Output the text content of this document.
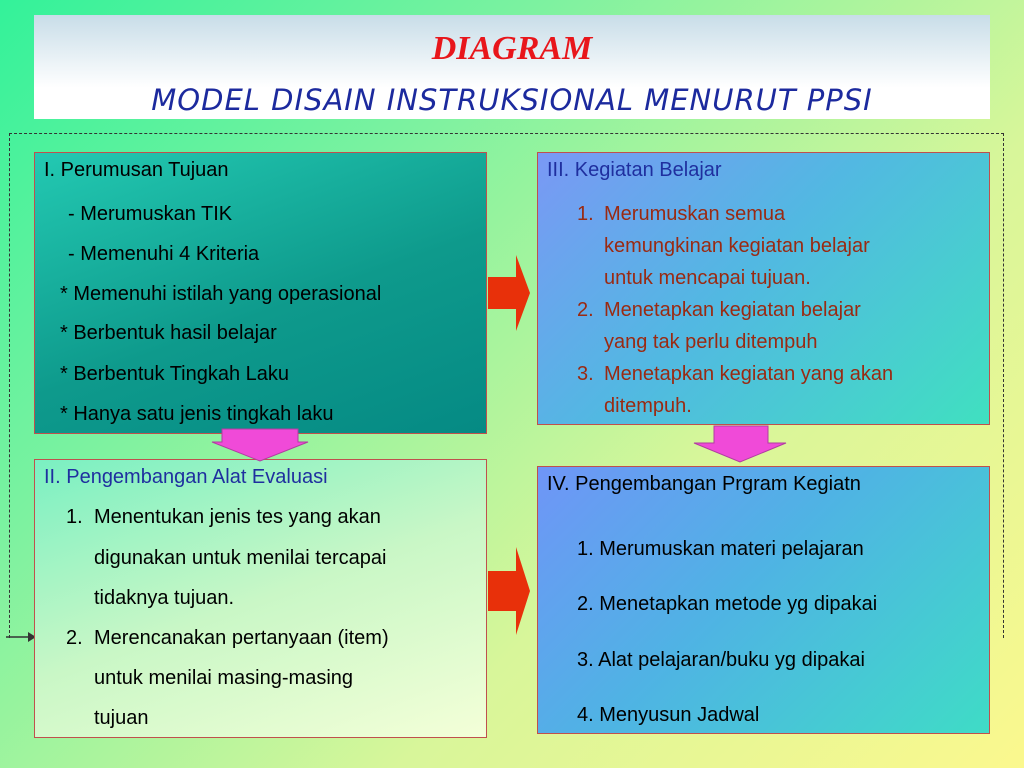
DIAGRAM
MODEL DISAIN INSTRUKSIONAL MENURUT PPSI
I. Perumusan Tujuan
- Merumuskan TIK
- Memenuhi 4 Kriteria
* Memenuhi istilah yang operasional
* Berbentuk hasil belajar
* Berbentuk Tingkah Laku
* Hanya satu jenis tingkah laku
II. Pengembangan Alat Evaluasi
1. Menentukan jenis tes yang akan
digunakan untuk menilai tercapai
tidaknya tujuan.
2. Merencanakan pertanyaan (item)
untuk menilai masing-masing
tujuan
III. Kegiatan Belajar
1. Merumuskan semua
kemungkinan kegiatan belajar
untuk mencapai tujuan.
2. Menetapkan kegiatan belajar
yang tak perlu ditempuh
3. Menetapkan kegiatan yang akan
ditempuh.
IV. Pengembangan Prgram Kegiatn
1. Merumuskan materi pelajaran
2. Menetapkan metode yg dipakai
3. Alat pelajaran/buku yg dipakai
4. Menyusun Jadwal
